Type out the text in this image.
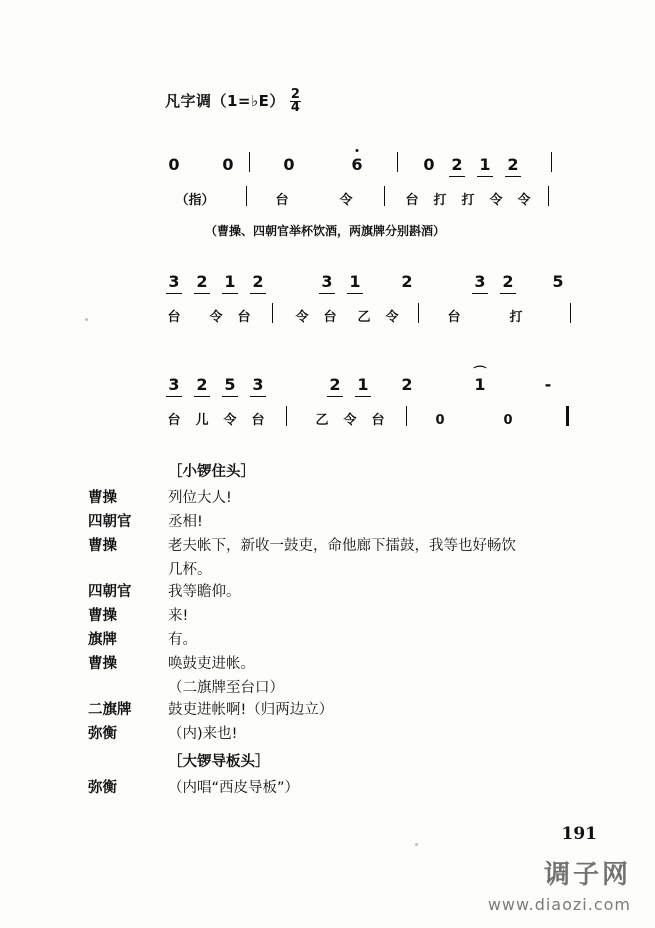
凡字调（1= ♭ $E) \frac{2}{4}$
0	0	0	6	0	2	1	2
（指）	台	令	台	打	打	令	令
（曹操、四朝官举杯饮酒，两旗牌分别斟酒）
3	2	1	2	3	1	2	3	2	5
台	令	台	令	台	乙	令	台	打
3	2	5	3	2	1	2	⌒ 1	-
台	儿	令	台	乙	令	台	0	0
［小锣住头］
曹操	列位大人!
四朝官	丞相!
曹操	老夫帐下，新收一鼓吏，命他廊下擂鼓，我等也好畅饮
几杯。
四朝官	我等瞻仰。
曹操	来!
旗牌	有。
曹操	唤鼓吏进帐。
（二旗牌至台口）
二旗牌	鼓吏进帐啊!（归两边立）
弥衡	（内)来也!
［大锣导板头］
弥衡	（内唱“西皮导板”）
191
调子网
www.diaozi.com
